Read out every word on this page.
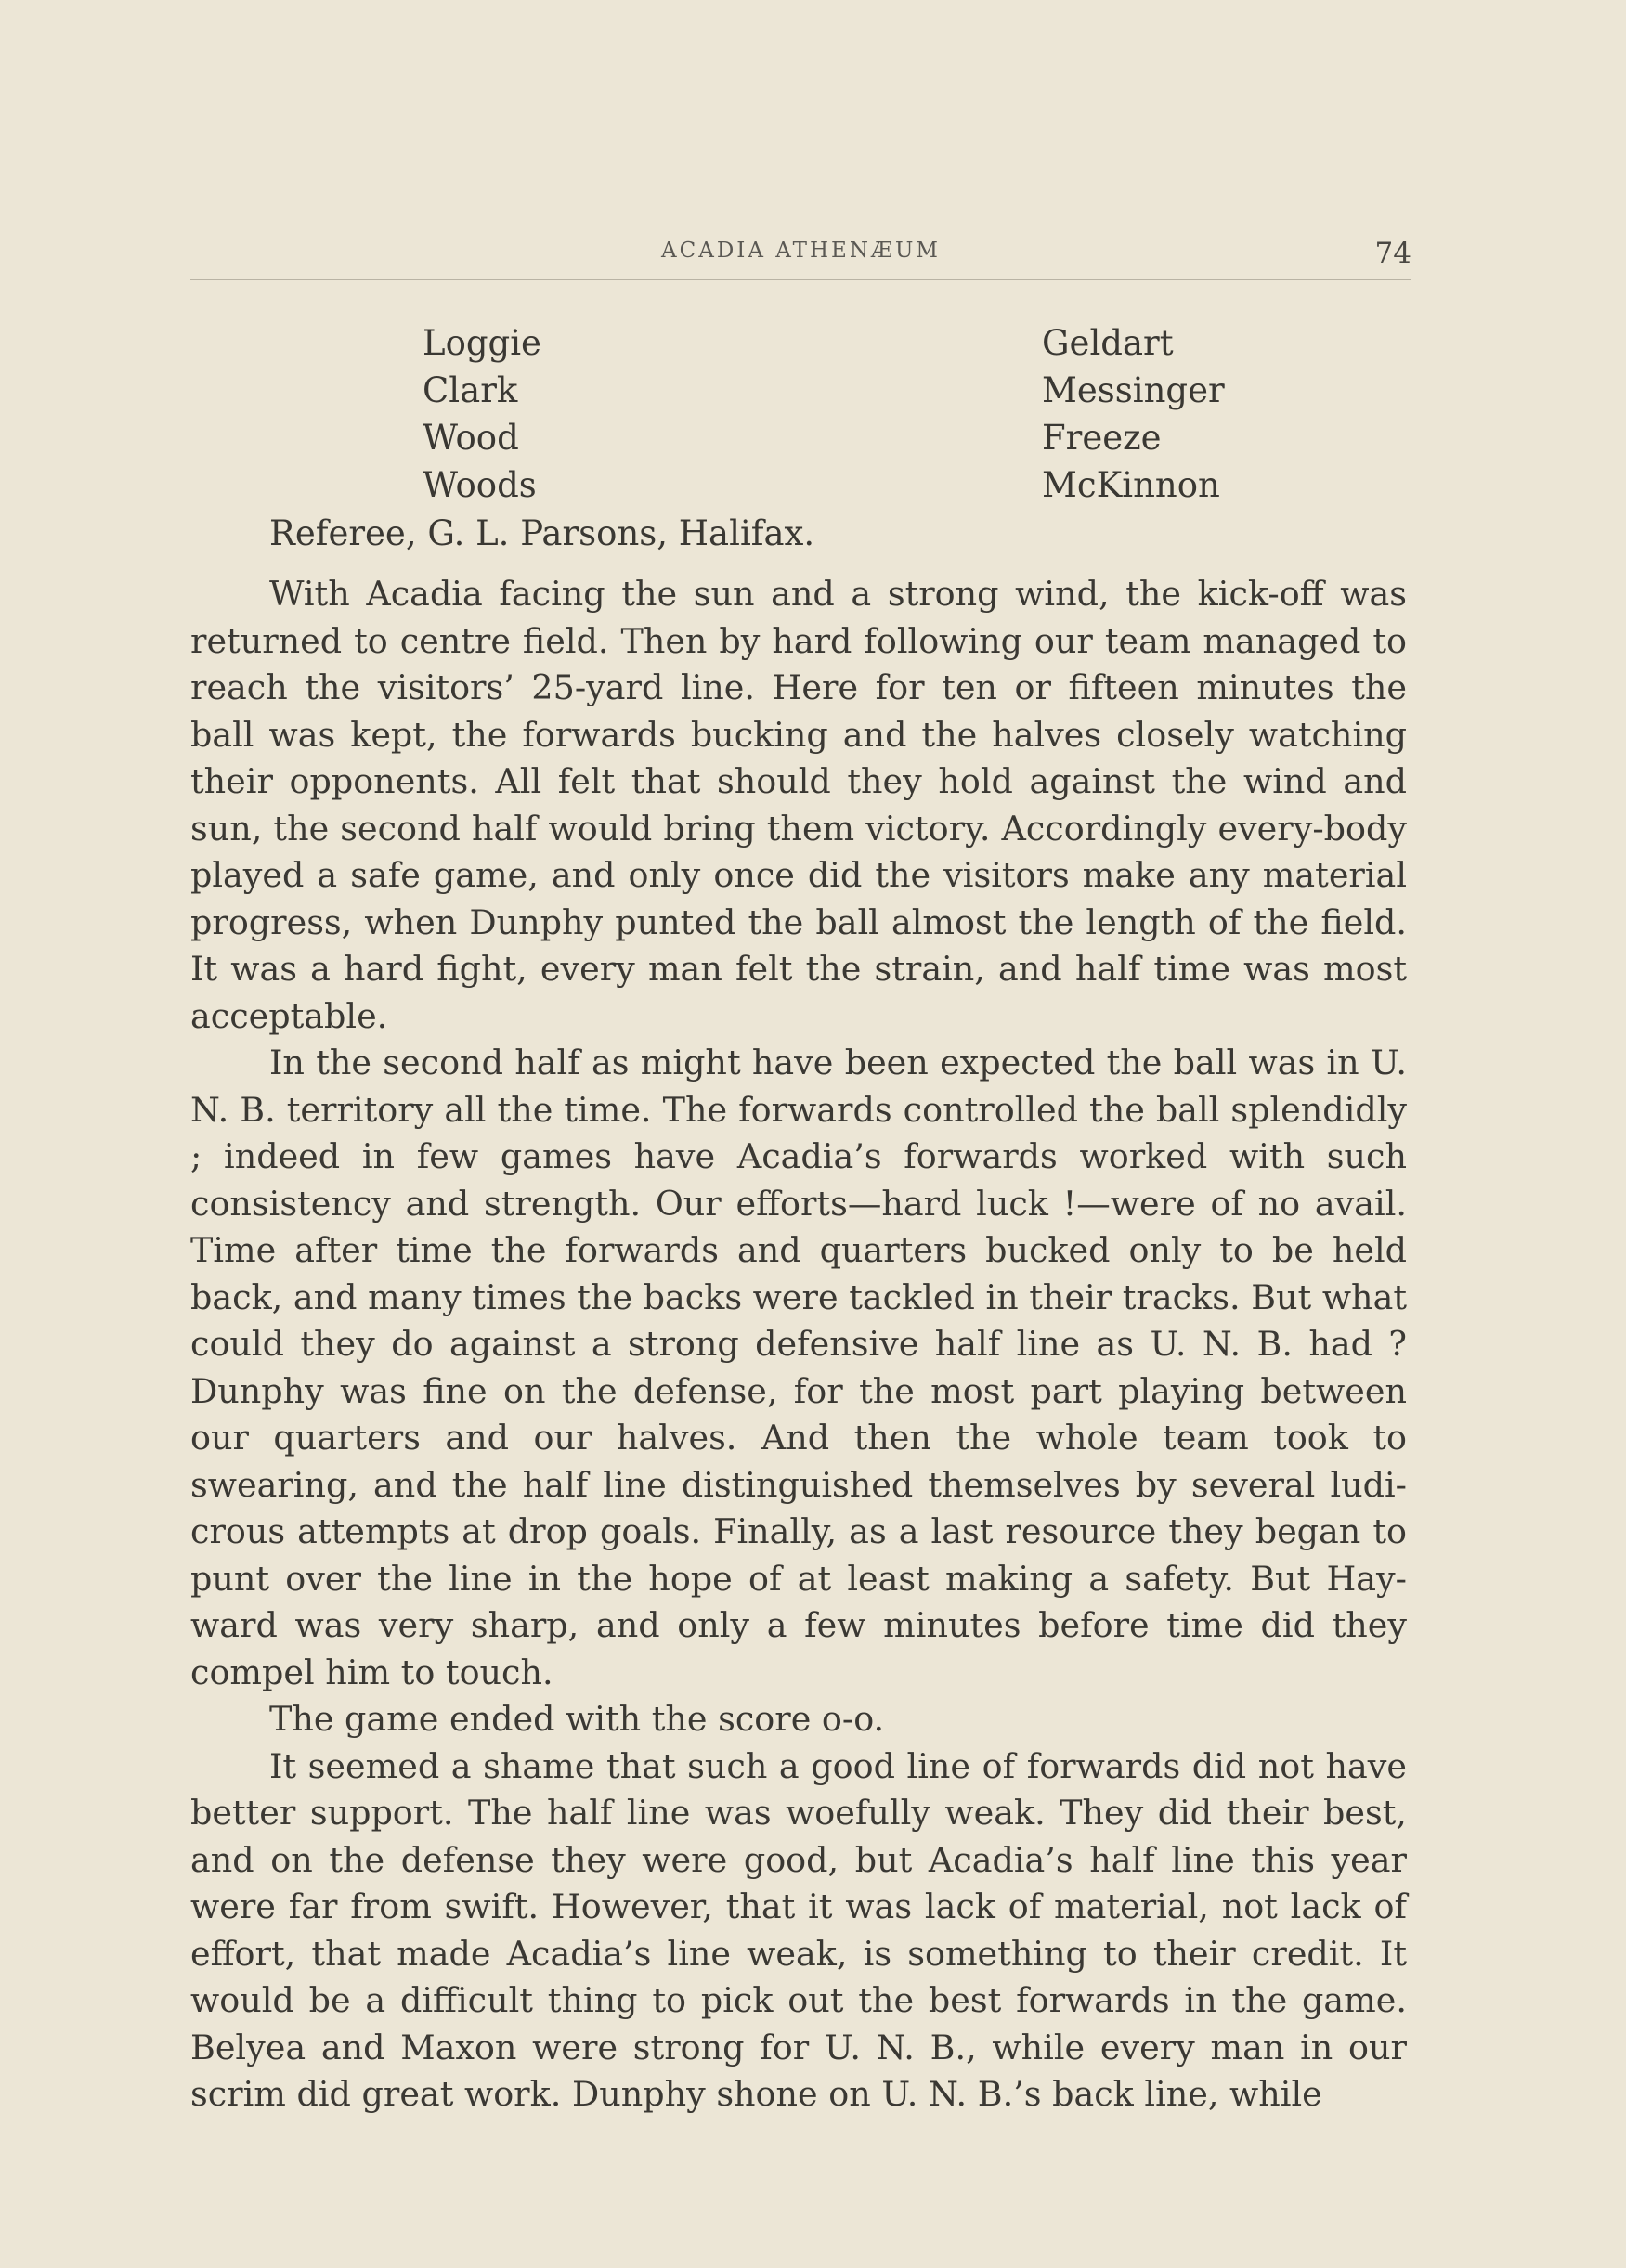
ACADIA ATHENÆUM	74
Loggie
Clark
Wood
Woods
Geldart
Messinger
Freeze
McKinnon
Referee, G. L. Parsons, Halifax.

With Acadia facing the sun and a strong wind, the kick-off was returned to centre field. Then by hard following our team managed to reach the visitors’ 25-yard line. Here for ten or fifteen minutes the ball was kept, the forwards bucking and the halves closely watching their opponents. All felt that should they hold against the wind and sun, the second half would bring them victory. Accordingly every-body played a safe game, and only once did the visitors make any material progress, when Dunphy punted the ball almost the length of the field. It was a hard fight, every man felt the strain, and half time was most acceptable.

In the second half as might have been expected the ball was in U. N. B. territory all the time. The forwards controlled the ball splendidly ; indeed in few games have Acadia’s forwards worked with such consistency and strength. Our efforts—hard luck !—were of no avail. Time after time the forwards and quarters bucked only to be held back, and many times the backs were tackled in their tracks. But what could they do against a strong defensive half line as U. N. B. had ? Dunphy was fine on the defense, for the most part playing between our quarters and our halves. And then the whole team took to swearing, and the half line distinguished themselves by several ludi-crous attempts at drop goals. Finally, as a last resource they began to punt over the line in the hope of at least making a safety. But Hay-ward was very sharp, and only a few minutes before time did they compel him to touch.

The game ended with the score o-o.

It seemed a shame that such a good line of forwards did not have better support. The half line was woefully weak. They did their best, and on the defense they were good, but Acadia’s half line this year were far from swift. However, that it was lack of material, not lack of effort, that made Acadia’s line weak, is something to their credit. It would be a difficult thing to pick out the best forwards in the game. Belyea and Maxon were strong for U. N. B., while every man in our scrim did great work. Dunphy shone on U. N. B.’s back line, while
